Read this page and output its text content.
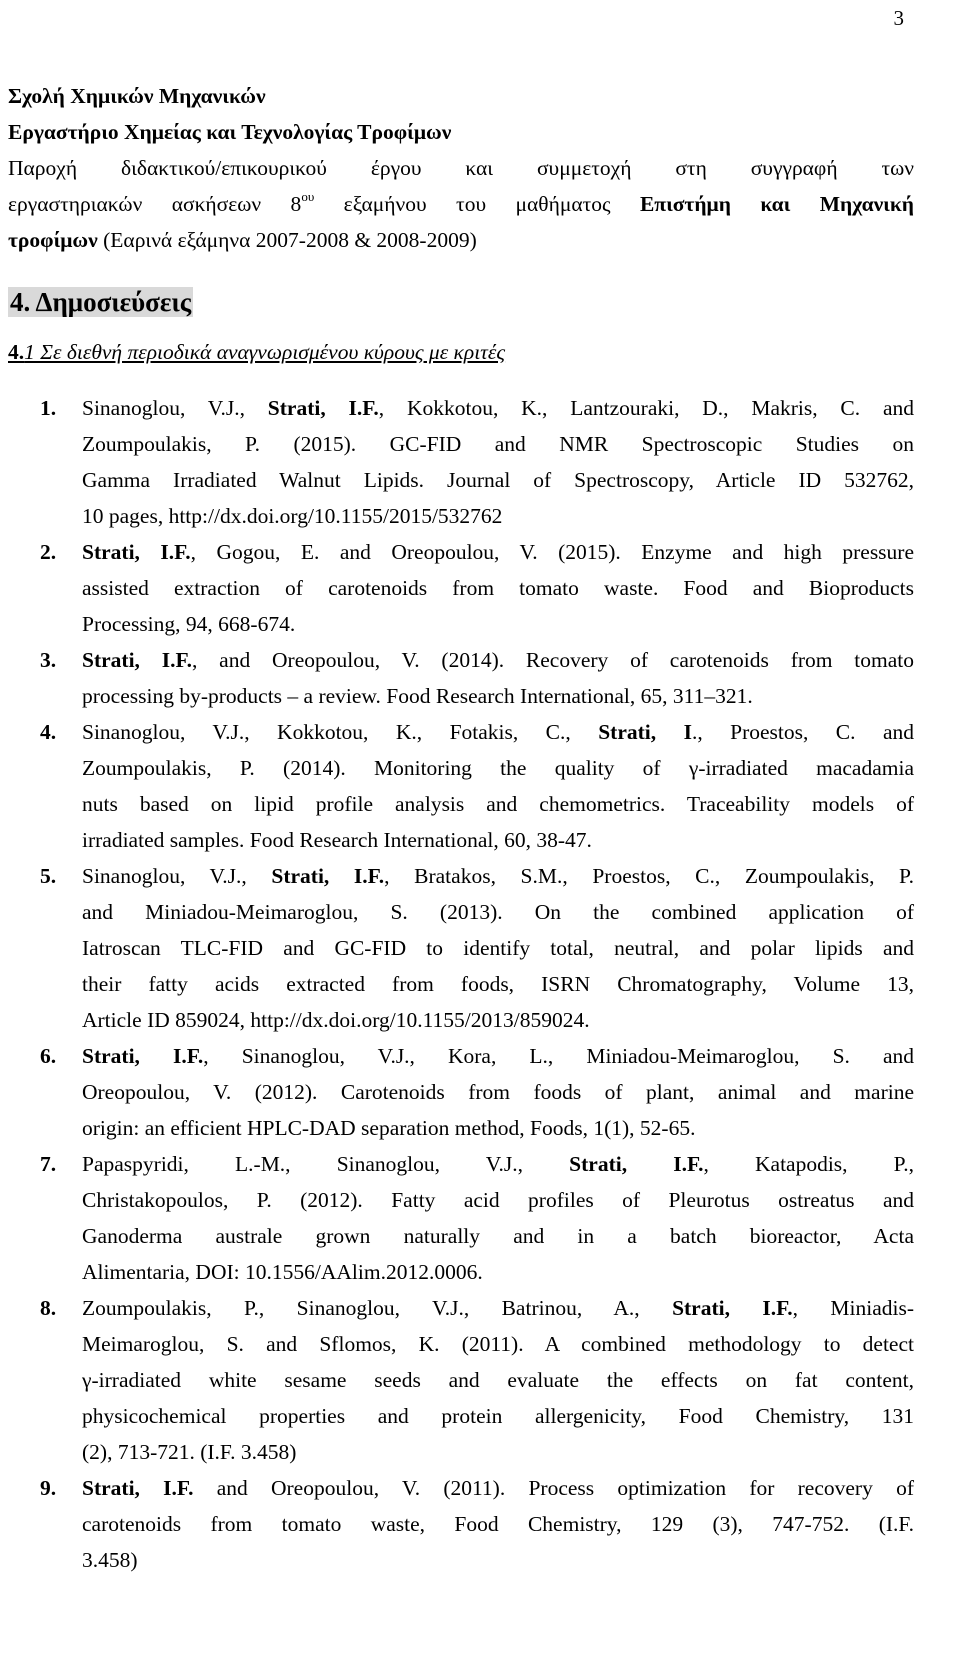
3
Σχολή Χημικών Μηχανικών
Εργαστήριο Χημείας και Τεχνολογίας Τροφίμων
Παροχή διδακτικού/επικουρικού έργου και συμμετοχή στη συγγραφή των
εργαστηριακών ασκήσεων $8^{o\upsilon}$ εξαμήνου του μαθήματος Επιστήμη και Μηχανική
τροφίμων (Εαρινά εξάμηνα 2007-2008 & 2008-2009)
4. Δημοσιεύσεις
4.1 Σε διεθνή περιοδικά αναγνωρισμένου κύρους με κριτές
1. Sinanoglou, V.J., Strati, I.F., Kokkotou, K., Lantzouraki, D., Makris, C. and
Zoumpoulakis, P. (2015). GC-FID and NMR Spectroscopic Studies on
Gamma Irradiated Walnut Lipids. Journal of Spectroscopy, Article ID 532762,
10 pages, http://dx.doi.org/10.1155/2015/532762
2. Strati, I.F., Gogou, E. and Oreopoulou, V. (2015). Enzyme and high pressure
assisted extraction of carotenoids from tomato waste. Food and Bioproducts
Processing, 94, 668-674.
3. Strati, I.F., and Oreopoulou, V. (2014). Recovery of carotenoids from tomato
processing by-products – a review. Food Research International, 65, 311–321.
4. Sinanoglou, V.J., Kokkotou, K., Fotakis, C., Strati, I., Proestos, C. and
Zoumpoulakis, P. (2014). Monitoring the quality of γ-irradiated macadamia
nuts based on lipid profile analysis and chemometrics. Traceability models of
irradiated samples. Food Research International, 60, 38-47.
5. Sinanoglou, V.J., Strati, I.F., Bratakos, S.M., Proestos, C., Zoumpoulakis, P.
and Miniadou-Meimaroglou, S. (2013). On the combined application of
Iatroscan TLC-FID and GC-FID to identify total, neutral, and polar lipids and
their fatty acids extracted from foods, ISRN Chromatography, Volume 13,
Article ID 859024, http://dx.doi.org/10.1155/2013/859024.
6. Strati, I.F., Sinanoglou, V.J., Kora, L., Miniadou-Meimaroglou, S. and
Oreopoulou, V. (2012). Carotenoids from foods of plant, animal and marine
origin: an efficient HPLC-DAD separation method, Foods, 1(1), 52-65.
7. Papaspyridi, L.-M., Sinanoglou, V.J., Strati, I.F., Katapodis, P.,
Christakopoulos, P. (2012). Fatty acid profiles of Pleurotus ostreatus and
Ganoderma australe grown naturally and in a batch bioreactor, Acta
Alimentaria, DOI: 10.1556/AAlim.2012.0006.
8. Zoumpoulakis, P., Sinanoglou, V.J., Batrinou, A., Strati, I.F., Miniadis-
Meimaroglou, S. and Sflomos, K. (2011). A combined methodology to detect
γ-irradiated white sesame seeds and evaluate the effects on fat content,
physicochemical properties and protein allergenicity, Food Chemistry, 131
(2), 713-721. (I.F. 3.458)
9. Strati, I.F. and Oreopoulou, V. (2011). Process optimization for recovery of
carotenoids from tomato waste, Food Chemistry, 129 (3), 747-752. (I.F.
3.458)
